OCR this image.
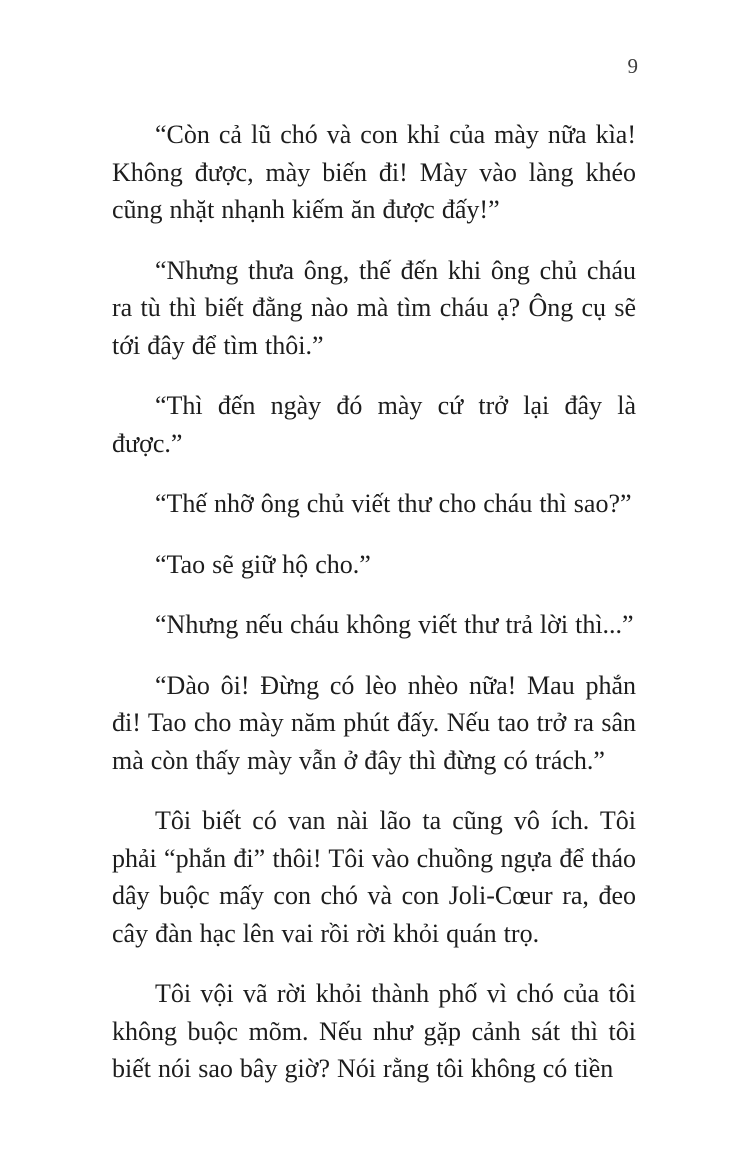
9

“Còn cả lũ chó và con khỉ của mày nữa kìa! Không được, mày biến đi! Mày vào làng khéo cũng nhặt nhạnh kiếm ăn được đấy!”

“Nhưng thưa ông, thế đến khi ông chủ cháu ra tù thì biết đằng nào mà tìm cháu ạ? Ông cụ sẽ tới đây để tìm thôi.”

“Thì đến ngày đó mày cứ trở lại đây là được.”

“Thế nhỡ ông chủ viết thư cho cháu thì sao?”

“Tao sẽ giữ hộ cho.”

“Nhưng nếu cháu không viết thư trả lời thì...”

“Dào ôi! Đừng có lèo nhèo nữa! Mau phắn đi! Tao cho mày năm phút đấy. Nếu tao trở ra sân mà còn thấy mày vẫn ở đây thì đừng có trách.”

Tôi biết có van nài lão ta cũng vô ích. Tôi phải “phắn đi” thôi! Tôi vào chuồng ngựa để tháo dây buộc mấy con chó và con Joli-Cœur ra, đeo cây đàn hạc lên vai rồi rời khỏi quán trọ.

Tôi vội vã rời khỏi thành phố vì chó của tôi không buộc mõm. Nếu như gặp cảnh sát thì tôi biết nói sao bây giờ? Nói rằng tôi không có tiền
